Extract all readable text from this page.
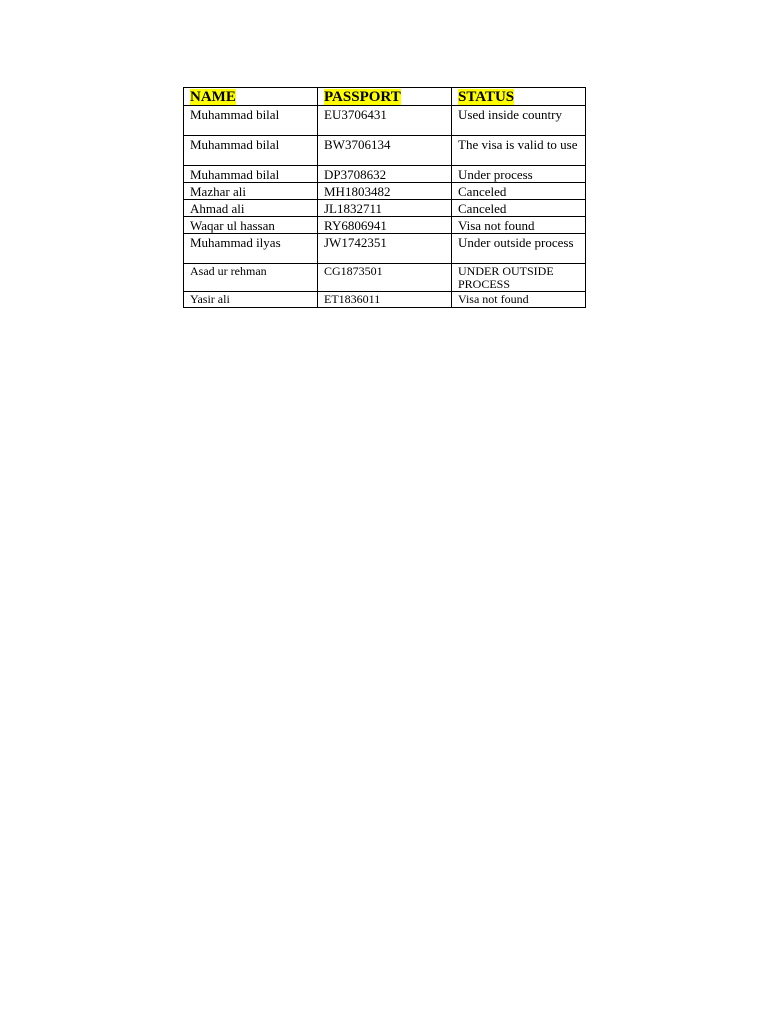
NAME	PASSPORT	STATUS
Muhammad bilal	EU3706431	Used inside country
Muhammad bilal	BW3706134	The visa is valid to use
Muhammad bilal	DP3708632	Under process
Mazhar ali	MH1803482	Canceled
Ahmad ali	JL1832711	Canceled
Waqar ul hassan	RY6806941	Visa not found
Muhammad ilyas	JW1742351	Under outside process
Asad ur rehman	CG1873501	UNDER OUTSIDE PROCESS
Yasir ali	ET1836011	Visa not found
